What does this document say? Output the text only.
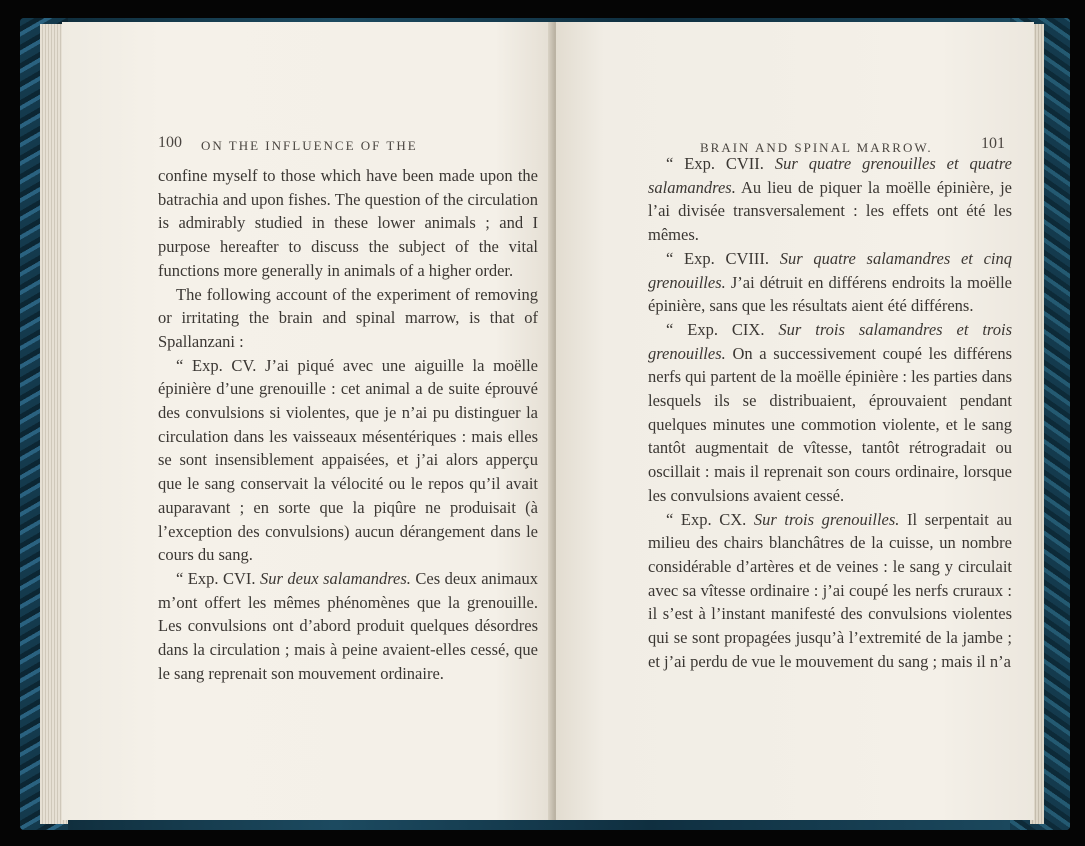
100 ON THE INFLUENCE OF THE

confine myself to those which have been made upon the batrachia and upon fishes. The question of the circulation is admirably studied in these lower animals ; and I purpose hereafter to discuss the subject of the vital functions more generally in animals of a higher order.

The following account of the experiment of removing or irritating the brain and spinal marrow, is that of Spallanzani :

“ Exp. CV. J’ai piqué avec une aiguille la moëlle épinière d’une grenouille : cet animal a de suite éprouvé des convulsions si violentes, que je n’ai pu distinguer la circulation dans les vaisseaux mésentériques : mais elles se sont insensiblement appaisées, et j’ai alors apperçu que le sang conservait la vélocité ou le repos qu’il avait auparavant ; en sorte que la piqûre ne produisait (à l’exception des convulsions) aucun dérangement dans le cours du sang.

“ Exp. CVI. Sur deux salamandres. Ces deux animaux m’ont offert les mêmes phénomènes que la grenouille. Les convulsions ont d’abord produit quelques désordres dans la circulation ; mais à peine avaient-elles cessé, que le sang reprenait son mouvement ordinaire.

BRAIN AND SPINAL MARROW.	101

“ Exp. CVII. Sur quatre grenouilles et quatre salamandres. Au lieu de piquer la moëlle épinière, je l’ai divisée transversalement : les effets ont été les mêmes.

“ Exp. CVIII. Sur quatre salamandres et cinq grenouilles. J’ai détruit en différens endroits la moëlle épinière, sans que les résultats aient été différens.

“ Exp. CIX. Sur trois salamandres et trois grenouilles. On a successivement coupé les différens nerfs qui partent de la moëlle épinière : les parties dans lesquels ils se distribuaient, éprouvaient pendant quelques minutes une commotion violente, et le sang tantôt augmentait de vîtesse, tantôt rétrogradait ou oscillait : mais il reprenait son cours ordinaire, lorsque les convulsions avaient cessé.

“ Exp. CX. Sur trois grenouilles. Il serpentait au milieu des chairs blanchâtres de la cuisse, un nombre considérable d’artères et de veines : le sang y circulait avec sa vîtesse ordinaire : j’ai coupé les nerfs cruraux : il s’est à l’instant manifesté des convulsions violentes qui se sont propagées jusqu’à l’extremité de la jambe ; et j’ai perdu de vue le mouvement du sang ; mais il n’a
